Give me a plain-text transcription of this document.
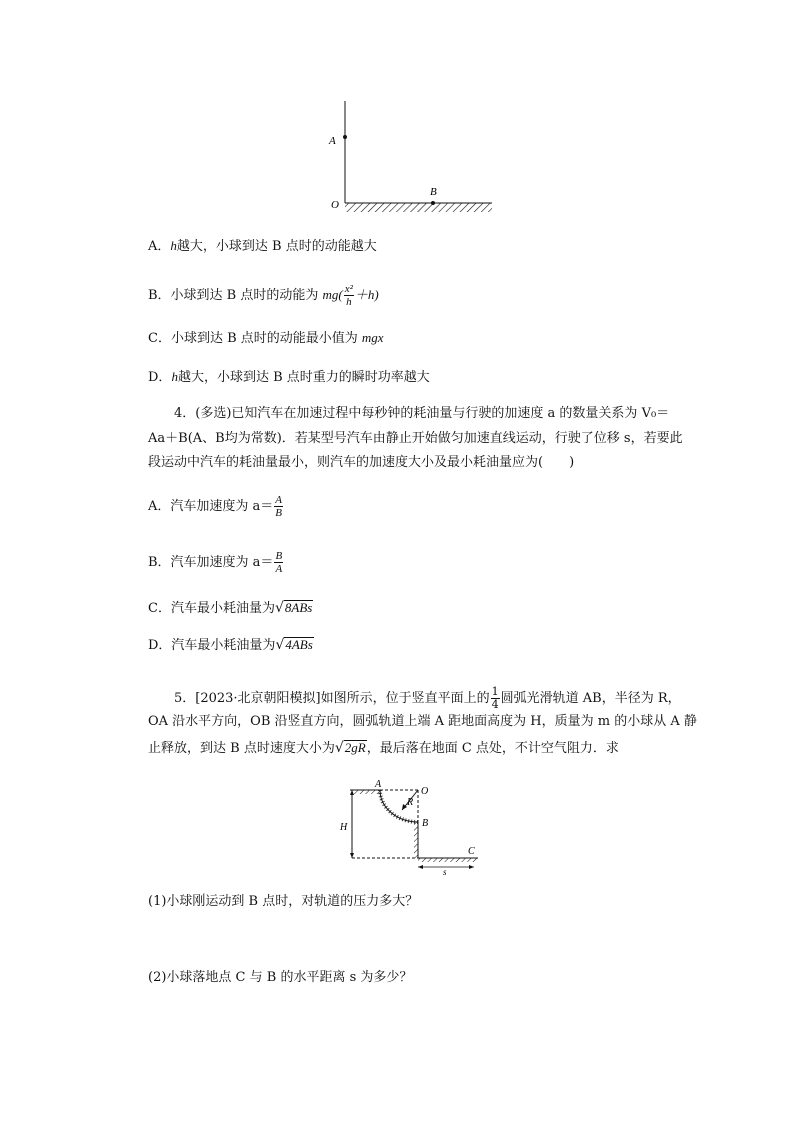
A
B
O
A．h越大，小球到达 B 点时的动能越大
B．小球到达 B 点时的动能为 $mg( \frac{\text{x²}}{h} +h)$
C．小球到达 B 点时的动能最小值为 mgx
D．h越大，小球到达 B 点时重力的瞬时功率越大
4．(多选)已知汽车在加速过程中每秒钟的耗油量与行驶的加速度 a 的数量关系为 V₀＝
Aa＋B(A、B均为常数)．若某型号汽车由静止开始做匀加速直线运动，行驶了位移 s，若要此
段运动中汽车的耗油量最小，则汽车的加速度大小及最小耗油量应为(　　)
A．汽车加速度为 $a= \frac{A}{B}$
B．汽车加速度为 $a= \frac{B}{A}$
C．汽车最小耗油量为√8ABs
D．汽车最小耗油量为√4ABs
5．[2023·北京朝阳模拟]如图所示，位于竖直平面上的 $\frac{1}{4}$ 圆弧光滑轨道 AB，半径为 R，
OA 沿水平方向，OB 沿竖直方向，圆弧轨道上端 A 距地面高度为 H，质量为 m 的小球从 A 静
止释放，到达 B 点时速度大小为√2gR，最后落在地面 C 点处，不计空气阻力．求
A
O
R
B
H
C
s
(1)小球刚运动到 B 点时，对轨道的压力多大？
(2)小球落地点 C 与 B 的水平距离 s 为多少？
